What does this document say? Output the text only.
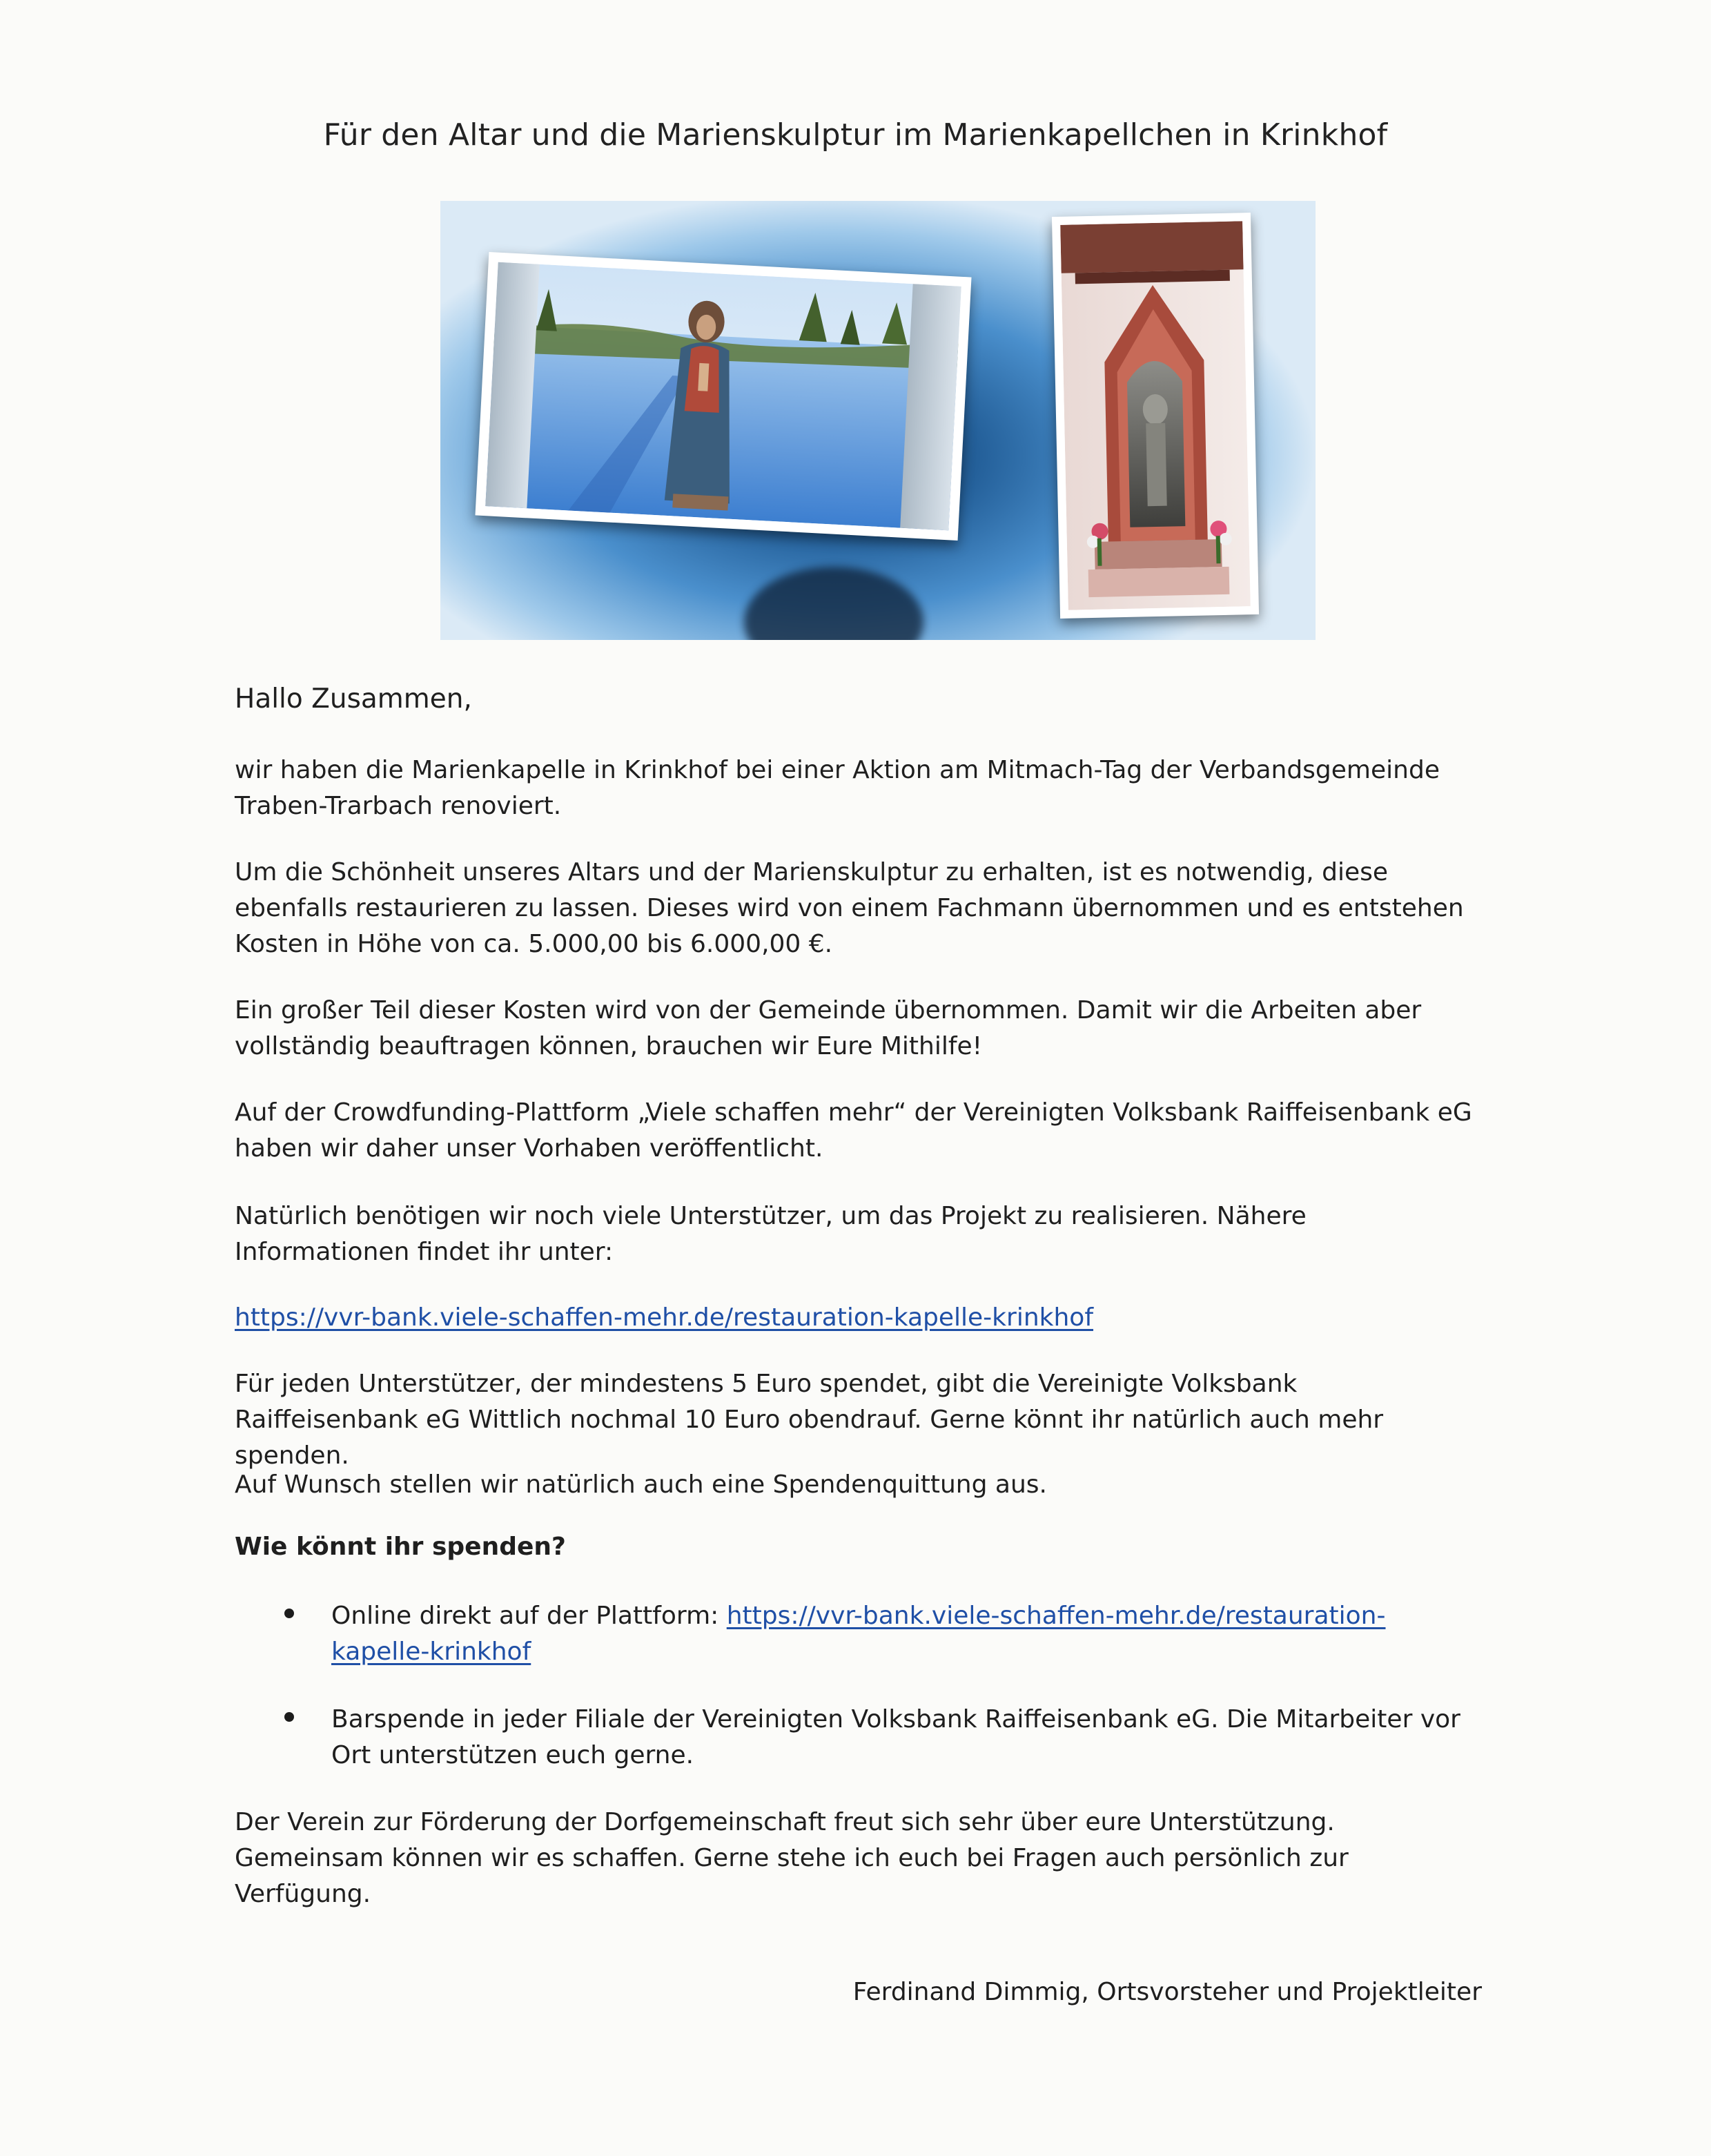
Für den Altar und die Marienskulptur im Marienkapellchen in Krinkhof
Hallo Zusammen,
wir haben die Marienkapelle in Krinkhof bei einer Aktion am Mitmach-Tag der Verbandsgemeinde Traben-Trarbach renoviert.
Um die Schönheit unseres Altars und der Marienskulptur zu erhalten, ist es notwendig, diese ebenfalls restaurieren zu lassen. Dieses wird von einem Fachmann übernommen und es entstehen Kosten in Höhe von ca. 5.000,00 bis 6.000,00 €.
Ein großer Teil dieser Kosten wird von der Gemeinde übernommen. Damit wir die Arbeiten aber vollständig beauftragen können, brauchen wir Eure Mithilfe!
Auf der Crowdfunding-Plattform „Viele schaffen mehr“ der Vereinigten Volksbank Raiffeisenbank eG haben wir daher unser Vorhaben veröffentlicht.
Natürlich benötigen wir noch viele Unterstützer, um das Projekt zu realisieren. Nähere Informationen findet ihr unter:
https://vvr-bank.viele-schaffen-mehr.de/restauration-kapelle-krinkhof
Für jeden Unterstützer, der mindestens 5 Euro spendet, gibt die Vereinigte Volksbank Raiffeisenbank eG Wittlich nochmal 10 Euro obendrauf. Gerne könnt ihr natürlich auch mehr spenden.
Auf Wunsch stellen wir natürlich auch eine Spendenquittung aus.
Wie könnt ihr spenden?
Online direkt auf der Plattform: https://vvr-bank.viele-schaffen-mehr.de/restauration-
kapelle-krinkhof
Barspende in jeder Filiale der Vereinigten Volksbank Raiffeisenbank eG. Die Mitarbeiter vor Ort unterstützen euch gerne.
Der Verein zur Förderung der Dorfgemeinschaft freut sich sehr über eure Unterstützung. Gemeinsam können wir es schaffen. Gerne stehe ich euch bei Fragen auch persönlich zur Verfügung.
Ferdinand Dimmig, Ortsvorsteher und Projektleiter
